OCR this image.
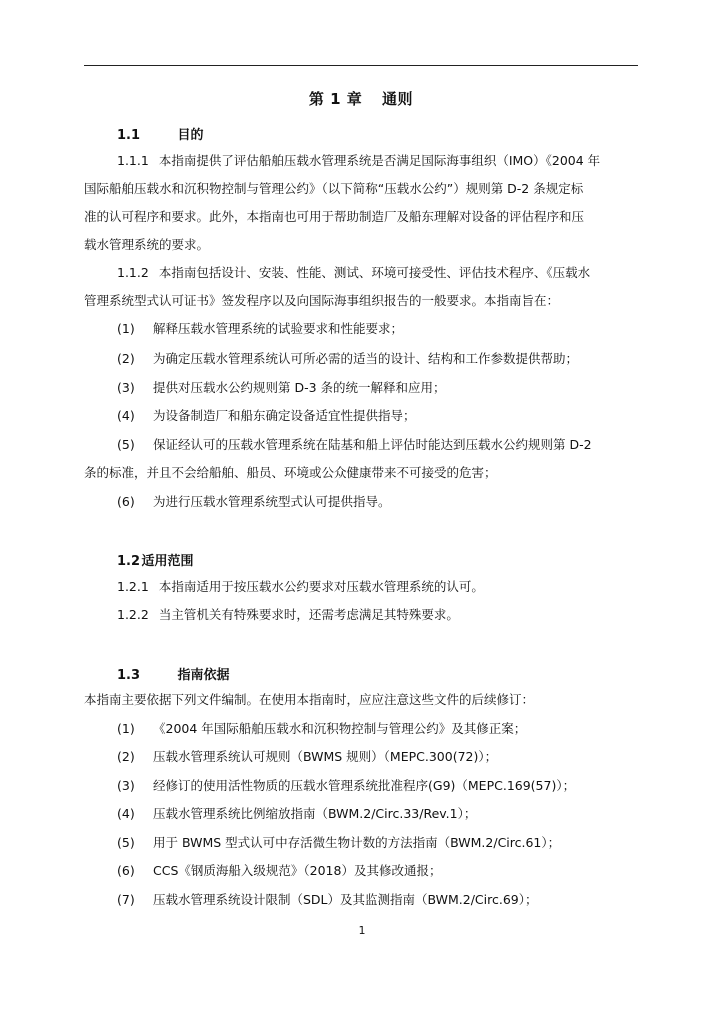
第 1 章 通则
1.1	目的
1.1.1 本指南提供了评估船舶压载水管理系统是否满足国际海事组织（IMO）《2004 年
国际船舶压载水和沉积物控制与管理公约》（以下简称“压载水公约”）规则第 D-2 条规定标
准的认可程序和要求。此外，本指南也可用于帮助制造厂及船东理解对设备的评估程序和压
载水管理系统的要求。
1.1.2 本指南包括设计、安装、性能、测试、环境可接受性、评估技术程序、《压载水
管理系统型式认可证书》签发程序以及向国际海事组织报告的一般要求。本指南旨在：
(1) 解释压载水管理系统的试验要求和性能要求；
(2) 为确定压载水管理系统认可所必需的适当的设计、结构和工作参数提供帮助；
(3) 提供对压载水公约规则第 D-3 条的统一解释和应用；
(4) 为设备制造厂和船东确定设备适宜性提供指导；
(5) 保证经认可的压载水管理系统在陆基和船上评估时能达到压载水公约规则第 D-2
条的标准，并且不会给船舶、船员、环境或公众健康带来不可接受的危害；
(6) 为进行压载水管理系统型式认可提供指导。
1.2 适用范围
1.2.1 本指南适用于按压载水公约要求对压载水管理系统的认可。
1.2.2 当主管机关有特殊要求时，还需考虑满足其特殊要求。
1.3	指南依据
本指南主要依据下列文件编制。在使用本指南时，应应注意这些文件的后续修订：
(1) 《2004 年国际船舶压载水和沉积物控制与管理公约》及其修正案；
(2) 压载水管理系统认可规则（BWMS 规则）（MEPC.300(72)）；
(3) 经修订的使用活性物质的压载水管理系统批准程序(G9)（MEPC.169(57)）；
(4) 压载水管理系统比例缩放指南（BWM.2/Circ.33/Rev.1）；
(5) 用于 BWMS 型式认可中存活微生物计数的方法指南（BWM.2/Circ.61）；
(6) CCS《钢质海船入级规范》（2018）及其修改通报；
(7) 压载水管理系统设计限制（SDL）及其监测指南（BWM.2/Circ.69）；
1
